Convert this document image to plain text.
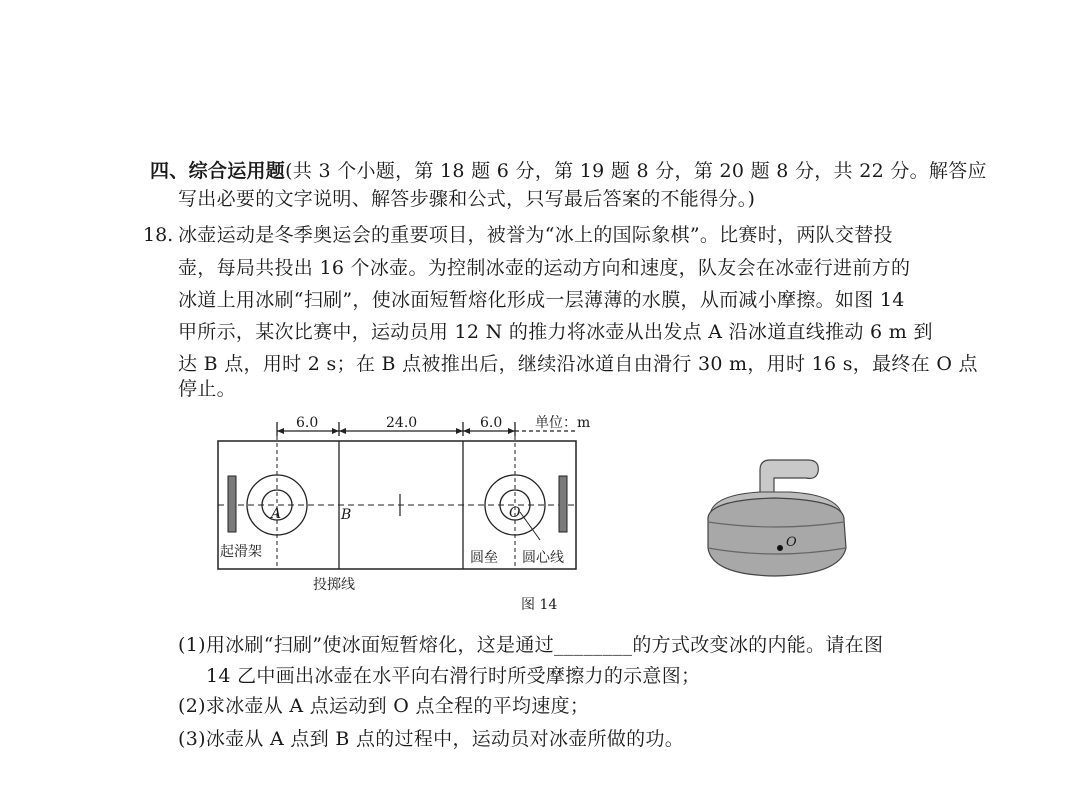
四、综合运用题(共 3 个小题，第 18 题 6 分，第 19 题 8 分，第 20 题 8 分，共 22 分。解答应
写出必要的文字说明、解答步骤和公式，只写最后答案的不能得分。)
18. 冰壶运动是冬季奥运会的重要项目，被誉为“冰上的国际象棋”。比赛时，两队交替投
壶，每局共投出 16 个冰壶。为控制冰壶的运动方向和速度，队友会在冰壶行进前方的
冰道上用冰刷“扫刷”，使冰面短暂熔化形成一层薄薄的水膜，从而减小摩擦。如图 14
甲所示，某次比赛中，运动员用 12 N 的推力将冰壶从出发点 A 沿冰道直线推动 6 m 到
达 B 点，用时 2 s；在 B 点被推出后，继续沿冰道自由滑行 30 m，用时 16 s，最终在 O 点
停止。
6.0	24.0	6.0 单位：m
A	B	O
起滑架	圆垒 圆心线
投掷线
图 14
O
(1)用冰刷“扫刷”使冰面短暂熔化，这是通过________的方式改变冰的内能。请在图
14 乙中画出冰壶在水平向右滑行时所受摩擦力的示意图；
(2)求冰壶从 A 点运动到 O 点全程的平均速度；
(3)冰壶从 A 点到 B 点的过程中，运动员对冰壶所做的功。
